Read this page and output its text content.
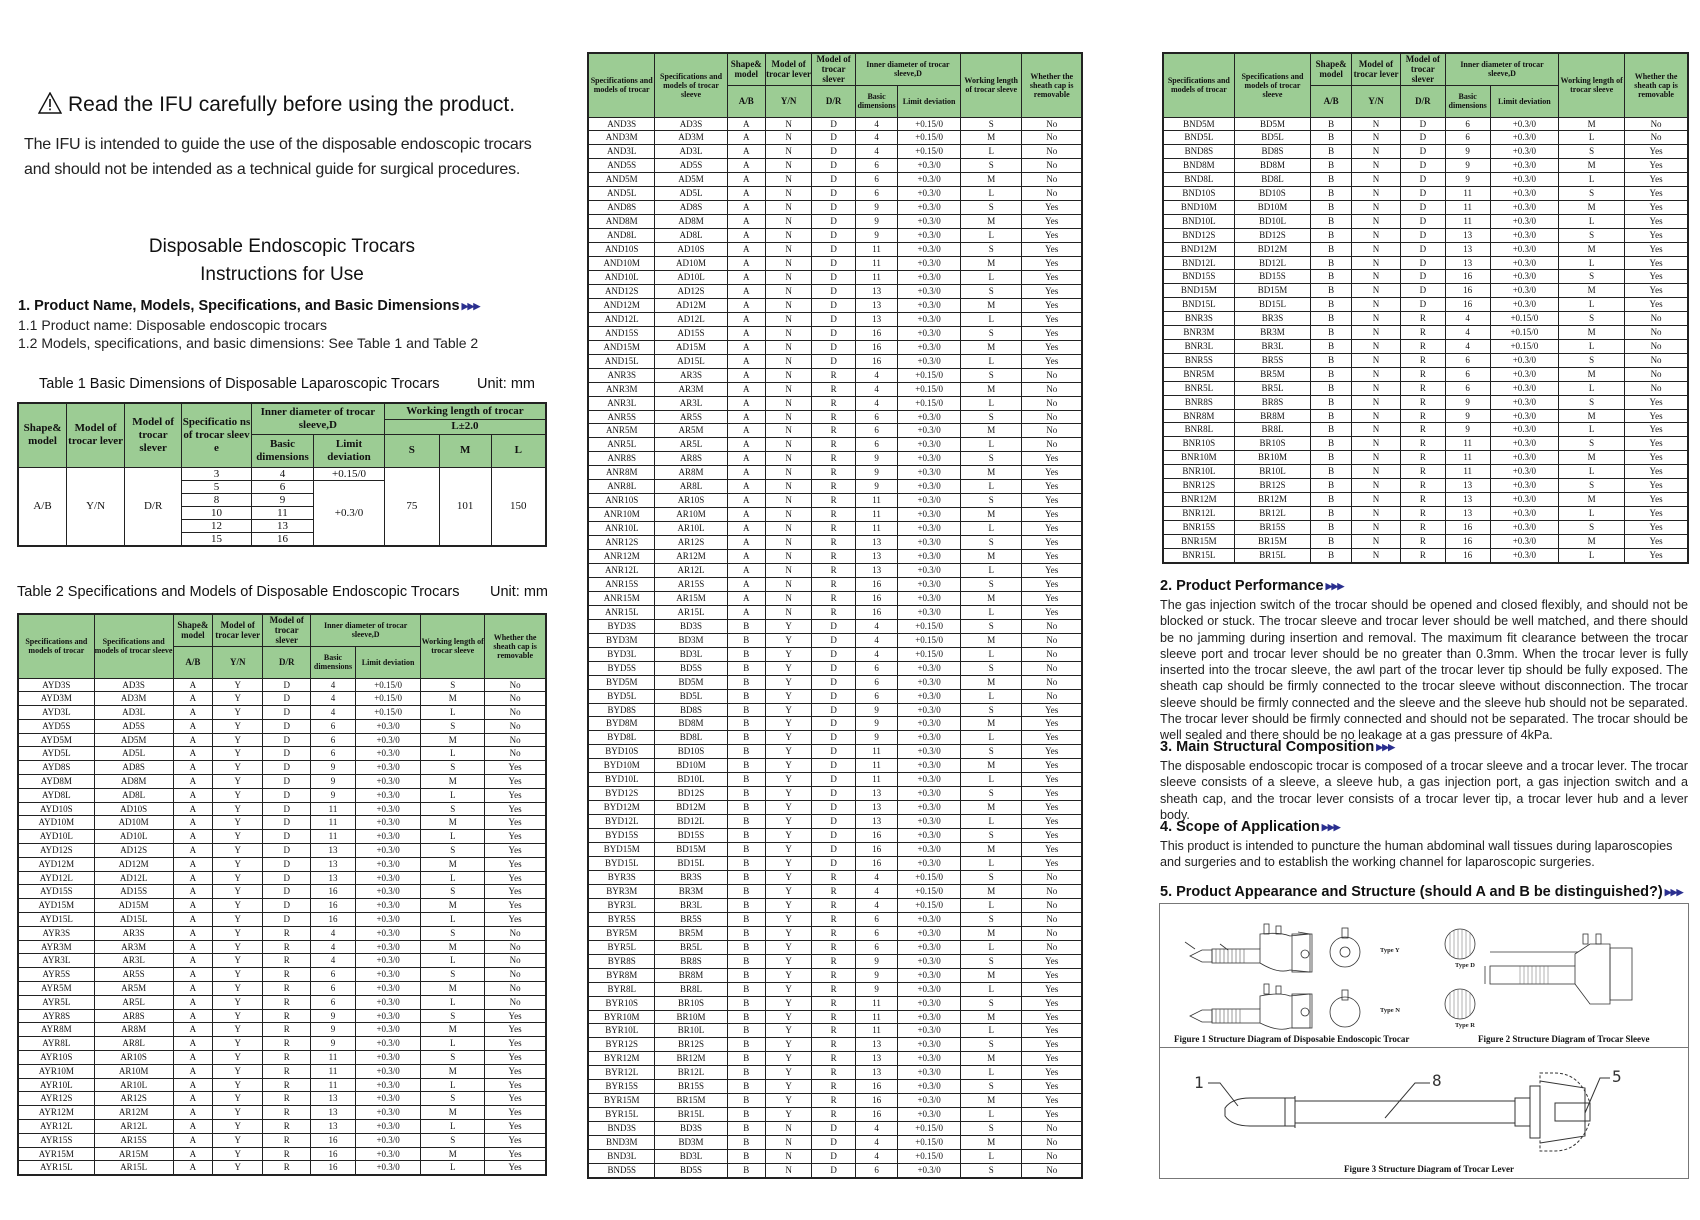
Read the IFU carefully before using the product.
The IFU is intended to guide the use of the disposable endoscopic trocars
and should not be intended as a technical guide for surgical procedures.
Disposable Endoscopic Trocars
Instructions for Use
1. Product Name, Models, Specifications, and Basic Dimensions ▶▶▶
1.1 Product name: Disposable endoscopic trocars
1.2 Models, specifications, and basic dimensions: See Table 1 and Table 2
Table 1 Basic Dimensions of Disposable Laparoscopic Trocars	Unit: mm
Shape& model	Model of trocar lever	Model of trocar slever	Specificatio ns of trocar sleeve	Inner diameter of trocar sleeve,D		Working length of trocar		
						L±2.0		
				Basic dimensions	Limit deviation	S	M	L
A/B	Y/N	D/R	3	4	+0.15/0	75	101	150
			5	6	+0.3/0			
			8	9				
			10	11				
			12	13				
			15	16				
Table 2 Specifications and Models of Disposable Endoscopic Trocars Unit: mm
Specifications and models of trocar	Specifications and models of trocar sleeve	Shape& model	Model of trocar lever	Model of trocar slever	Inner diameter of trocar sleeve,D		Working length of trocar sleeve	Whether the sheath cap is removable
		A/B	Y/N	D/R	Basic dimensions	Limit deviation		
AYD3S	AD3S	A	Y	D	4	+0.15/0	S	No
AYD3M	AD3M	A	Y	D	4	+0.15/0	M	No
AYD3L	AD3L	A	Y	D	4	+0.15/0	L	No
AYD5S	AD5S	A	Y	D	6	+0.3/0	S	No
AYD5M	AD5M	A	Y	D	6	+0.3/0	M	No
AYD5L	AD5L	A	Y	D	6	+0.3/0	L	No
AYD8S	AD8S	A	Y	D	9	+0.3/0	S	Yes
AYD8M	AD8M	A	Y	D	9	+0.3/0	M	Yes
AYD8L	AD8L	A	Y	D	9	+0.3/0	L	Yes
AYD10S	AD10S	A	Y	D	11	+0.3/0	S	Yes
AYD10M	AD10M	A	Y	D	11	+0.3/0	M	Yes
AYD10L	AD10L	A	Y	D	11	+0.3/0	L	Yes
AYD12S	AD12S	A	Y	D	13	+0.3/0	S	Yes
AYD12M	AD12M	A	Y	D	13	+0.3/0	M	Yes
AYD12L	AD12L	A	Y	D	13	+0.3/0	L	Yes
AYD15S	AD15S	A	Y	D	16	+0.3/0	S	Yes
AYD15M	AD15M	A	Y	D	16	+0.3/0	M	Yes
AYD15L	AD15L	A	Y	D	16	+0.3/0	L	Yes
AYR3S	AR3S	A	Y	R	4	+0.3/0	S	No
AYR3M	AR3M	A	Y	R	4	+0.3/0	M	No
AYR3L	AR3L	A	Y	R	4	+0.3/0	L	No
AYR5S	AR5S	A	Y	R	6	+0.3/0	S	No
AYR5M	AR5M	A	Y	R	6	+0.3/0	M	No
AYR5L	AR5L	A	Y	R	6	+0.3/0	L	No
AYR8S	AR8S	A	Y	R	9	+0.3/0	S	Yes
AYR8M	AR8M	A	Y	R	9	+0.3/0	M	Yes
AYR8L	AR8L	A	Y	R	9	+0.3/0	L	Yes
AYR10S	AR10S	A	Y	R	11	+0.3/0	S	Yes
AYR10M	AR10M	A	Y	R	11	+0.3/0	M	Yes
AYR10L	AR10L	A	Y	R	11	+0.3/0	L	Yes
AYR12S	AR12S	A	Y	R	13	+0.3/0	S	Yes
AYR12M	AR12M	A	Y	R	13	+0.3/0	M	Yes
AYR12L	AR12L	A	Y	R	13	+0.3/0	L	Yes
AYR15S	AR15S	A	Y	R	16	+0.3/0	S	Yes
AYR15M	AR15M	A	Y	R	16	+0.3/0	M	Yes
AYR15L	AR15L	A	Y	R	16	+0.3/0	L	Yes
Specifications and models of trocar	Specifications and models of trocar sleeve	Shape& model	Model of trocar lever	Model of trocar slever	Inner diameter of trocar sleeve,D		Working length of trocar sleeve	Whether the sheath cap is removable
		A/B	Y/N	D/R	Basic dimensions	Limit deviation		
AND3S	AD3S	A	N	D	4	+0.15/0	S	No
AND3M	AD3M	A	N	D	4	+0.15/0	M	No
AND3L	AD3L	A	N	D	4	+0.15/0	L	No
AND5S	AD5S	A	N	D	6	+0.3/0	S	No
AND5M	AD5M	A	N	D	6	+0.3/0	M	No
AND5L	AD5L	A	N	D	6	+0.3/0	L	No
AND8S	AD8S	A	N	D	9	+0.3/0	S	Yes
AND8M	AD8M	A	N	D	9	+0.3/0	M	Yes
AND8L	AD8L	A	N	D	9	+0.3/0	L	Yes
AND10S	AD10S	A	N	D	11	+0.3/0	S	Yes
AND10M	AD10M	A	N	D	11	+0.3/0	M	Yes
AND10L	AD10L	A	N	D	11	+0.3/0	L	Yes
AND12S	AD12S	A	N	D	13	+0.3/0	S	Yes
AND12M	AD12M	A	N	D	13	+0.3/0	M	Yes
AND12L	AD12L	A	N	D	13	+0.3/0	L	Yes
AND15S	AD15S	A	N	D	16	+0.3/0	S	Yes
AND15M	AD15M	A	N	D	16	+0.3/0	M	Yes
AND15L	AD15L	A	N	D	16	+0.3/0	L	Yes
ANR3S	AR3S	A	N	R	4	+0.15/0	S	No
ANR3M	AR3M	A	N	R	4	+0.15/0	M	No
ANR3L	AR3L	A	N	R	4	+0.15/0	L	No
ANR5S	AR5S	A	N	R	6	+0.3/0	S	No
ANR5M	AR5M	A	N	R	6	+0.3/0	M	No
ANR5L	AR5L	A	N	R	6	+0.3/0	L	No
ANR8S	AR8S	A	N	R	9	+0.3/0	S	Yes
ANR8M	AR8M	A	N	R	9	+0.3/0	M	Yes
ANR8L	AR8L	A	N	R	9	+0.3/0	L	Yes
ANR10S	AR10S	A	N	R	11	+0.3/0	S	Yes
ANR10M	AR10M	A	N	R	11	+0.3/0	M	Yes
ANR10L	AR10L	A	N	R	11	+0.3/0	L	Yes
ANR12S	AR12S	A	N	R	13	+0.3/0	S	Yes
ANR12M	AR12M	A	N	R	13	+0.3/0	M	Yes
ANR12L	AR12L	A	N	R	13	+0.3/0	L	Yes
ANR15S	AR15S	A	N	R	16	+0.3/0	S	Yes
ANR15M	AR15M	A	N	R	16	+0.3/0	M	Yes
ANR15L	AR15L	A	N	R	16	+0.3/0	L	Yes
BYD3S	BD3S	B	Y	D	4	+0.15/0	S	No
BYD3M	BD3M	B	Y	D	4	+0.15/0	M	No
BYD3L	BD3L	B	Y	D	4	+0.15/0	L	No
BYD5S	BD5S	B	Y	D	6	+0.3/0	S	No
BYD5M	BD5M	B	Y	D	6	+0.3/0	M	No
BYD5L	BD5L	B	Y	D	6	+0.3/0	L	No
BYD8S	BD8S	B	Y	D	9	+0.3/0	S	Yes
BYD8M	BD8M	B	Y	D	9	+0.3/0	M	Yes
BYD8L	BD8L	B	Y	D	9	+0.3/0	L	Yes
BYD10S	BD10S	B	Y	D	11	+0.3/0	S	Yes
BYD10M	BD10M	B	Y	D	11	+0.3/0	M	Yes
BYD10L	BD10L	B	Y	D	11	+0.3/0	L	Yes
BYD12S	BD12S	B	Y	D	13	+0.3/0	S	Yes
BYD12M	BD12M	B	Y	D	13	+0.3/0	M	Yes
BYD12L	BD12L	B	Y	D	13	+0.3/0	L	Yes
BYD15S	BD15S	B	Y	D	16	+0.3/0	S	Yes
BYD15M	BD15M	B	Y	D	16	+0.3/0	M	Yes
BYD15L	BD15L	B	Y	D	16	+0.3/0	L	Yes
BYR3S	BR3S	B	Y	R	4	+0.15/0	S	No
BYR3M	BR3M	B	Y	R	4	+0.15/0	M	No
BYR3L	BR3L	B	Y	R	4	+0.15/0	L	No
BYR5S	BR5S	B	Y	R	6	+0.3/0	S	No
BYR5M	BR5M	B	Y	R	6	+0.3/0	M	No
BYR5L	BR5L	B	Y	R	6	+0.3/0	L	No
BYR8S	BR8S	B	Y	R	9	+0.3/0	S	Yes
BYR8M	BR8M	B	Y	R	9	+0.3/0	M	Yes
BYR8L	BR8L	B	Y	R	9	+0.3/0	L	Yes
BYR10S	BR10S	B	Y	R	11	+0.3/0	S	Yes
BYR10M	BR10M	B	Y	R	11	+0.3/0	M	Yes
BYR10L	BR10L	B	Y	R	11	+0.3/0	L	Yes
BYR12S	BR12S	B	Y	R	13	+0.3/0	S	Yes
BYR12M	BR12M	B	Y	R	13	+0.3/0	M	Yes
BYR12L	BR12L	B	Y	R	13	+0.3/0	L	Yes
BYR15S	BR15S	B	Y	R	16	+0.3/0	S	Yes
BYR15M	BR15M	B	Y	R	16	+0.3/0	M	Yes
BYR15L	BR15L	B	Y	R	16	+0.3/0	L	Yes
BND3S	BD3S	B	N	D	4	+0.15/0	S	No
BND3M	BD3M	B	N	D	4	+0.15/0	M	No
BND3L	BD3L	B	N	D	4	+0.15/0	L	No
BND5S	BD5S	B	N	D	6	+0.3/0	S	No
Specifications and models of trocar	Specifications and models of trocar sleeve	Shape& model	Model of trocar lever	Model of trocar slever	Inner diameter of trocar sleeve,D		Working length of trocar sleeve	Whether the sheath cap is removable
		A/B	Y/N	D/R	Basic dimensions	Limit deviation		
BND5M	BD5M	B	N	D	6	+0.3/0	M	No
BND5L	BD5L	B	N	D	6	+0.3/0	L	No
BND8S	BD8S	B	N	D	9	+0.3/0	S	Yes
BND8M	BD8M	B	N	D	9	+0.3/0	M	Yes
BND8L	BD8L	B	N	D	9	+0.3/0	L	Yes
BND10S	BD10S	B	N	D	11	+0.3/0	S	Yes
BND10M	BD10M	B	N	D	11	+0.3/0	M	Yes
BND10L	BD10L	B	N	D	11	+0.3/0	L	Yes
BND12S	BD12S	B	N	D	13	+0.3/0	S	Yes
BND12M	BD12M	B	N	D	13	+0.3/0	M	Yes
BND12L	BD12L	B	N	D	13	+0.3/0	L	Yes
BND15S	BD15S	B	N	D	16	+0.3/0	S	Yes
BND15M	BD15M	B	N	D	16	+0.3/0	M	Yes
BND15L	BD15L	B	N	D	16	+0.3/0	L	Yes
BNR3S	BR3S	B	N	R	4	+0.15/0	S	No
BNR3M	BR3M	B	N	R	4	+0.15/0	M	No
BNR3L	BR3L	B	N	R	4	+0.15/0	L	No
BNR5S	BR5S	B	N	R	6	+0.3/0	S	No
BNR5M	BR5M	B	N	R	6	+0.3/0	M	No
BNR5L	BR5L	B	N	R	6	+0.3/0	L	No
BNR8S	BR8S	B	N	R	9	+0.3/0	S	Yes
BNR8M	BR8M	B	N	R	9	+0.3/0	M	Yes
BNR8L	BR8L	B	N	R	9	+0.3/0	L	Yes
BNR10S	BR10S	B	N	R	11	+0.3/0	S	Yes
BNR10M	BR10M	B	N	R	11	+0.3/0	M	Yes
BNR10L	BR10L	B	N	R	11	+0.3/0	L	Yes
BNR12S	BR12S	B	N	R	13	+0.3/0	S	Yes
BNR12M	BR12M	B	N	R	13	+0.3/0	M	Yes
BNR12L	BR12L	B	N	R	13	+0.3/0	L	Yes
BNR15S	BR15S	B	N	R	16	+0.3/0	S	Yes
BNR15M	BR15M	B	N	R	16	+0.3/0	M	Yes
BNR15L	BR15L	B	N	R	16	+0.3/0	L	Yes
2. Product Performance ▶▶▶
The gas injection switch of the trocar should be opened and closed flexibly, and should not be blocked or stuck. The trocar sleeve and trocar lever should be well matched, and there should be no jamming during insertion and removal. The maximum fit clearance between the trocar sleeve port and trocar lever should be no greater than 0.3mm. When the trocar lever is fully inserted into the trocar sleeve, the awl part of the trocar lever tip should be fully exposed. The sheath cap should be firmly connected to the trocar sleeve without disconnection. The trocar sleeve should be firmly connected and the sleeve and the sleeve hub should not be separated. The trocar lever should be firmly connected and should not be separated. The trocar should be well sealed and there should be no leakage at a gas pressure of 4kPa.
3. Main Structural Composition ▶▶▶
The disposable endoscopic trocar is composed of a trocar sleeve and a trocar lever. The trocar sleeve consists of a sleeve, a sleeve hub, a gas injection port, a gas injection switch and a sheath cap, and the trocar lever consists of a trocar lever tip, a trocar lever hub and a lever body.
4. Scope of Application ▶▶▶
This product is intended to puncture the human abdominal wall tissues during laparoscopies and surgeries and to establish the working channel for laparoscopic surgeries.
5. Product Appearance and Structure (should A and B be distinguished?) ▶▶▶
Type Y
Type N
Type D
Type R
Figure 1 Structure Diagram of Disposabie Endoscopic Trocar	Figure 2 Structure Diagram of Trocar Sleeve
1	8	5
Figure 3 Structure Diagram of Trocar Lever
